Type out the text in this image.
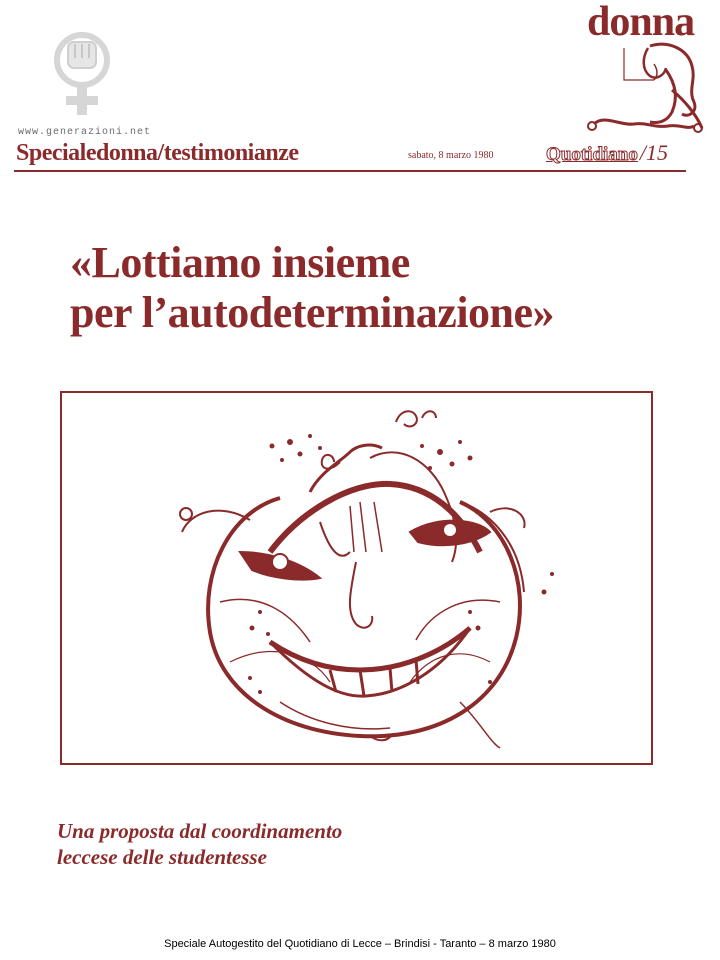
www.generazioni.net
Specialedonna/testimonianze	sabato, 8 marzo 1980	Quotidiano /15
donna
«Lottiamo insieme
per l’autodeterminazione»
Una proposta dal coordinamento
leccese delle studentesse
Speciale Autogestito del Quotidiano di Lecce – Brindisi - Taranto – 8 marzo 1980
